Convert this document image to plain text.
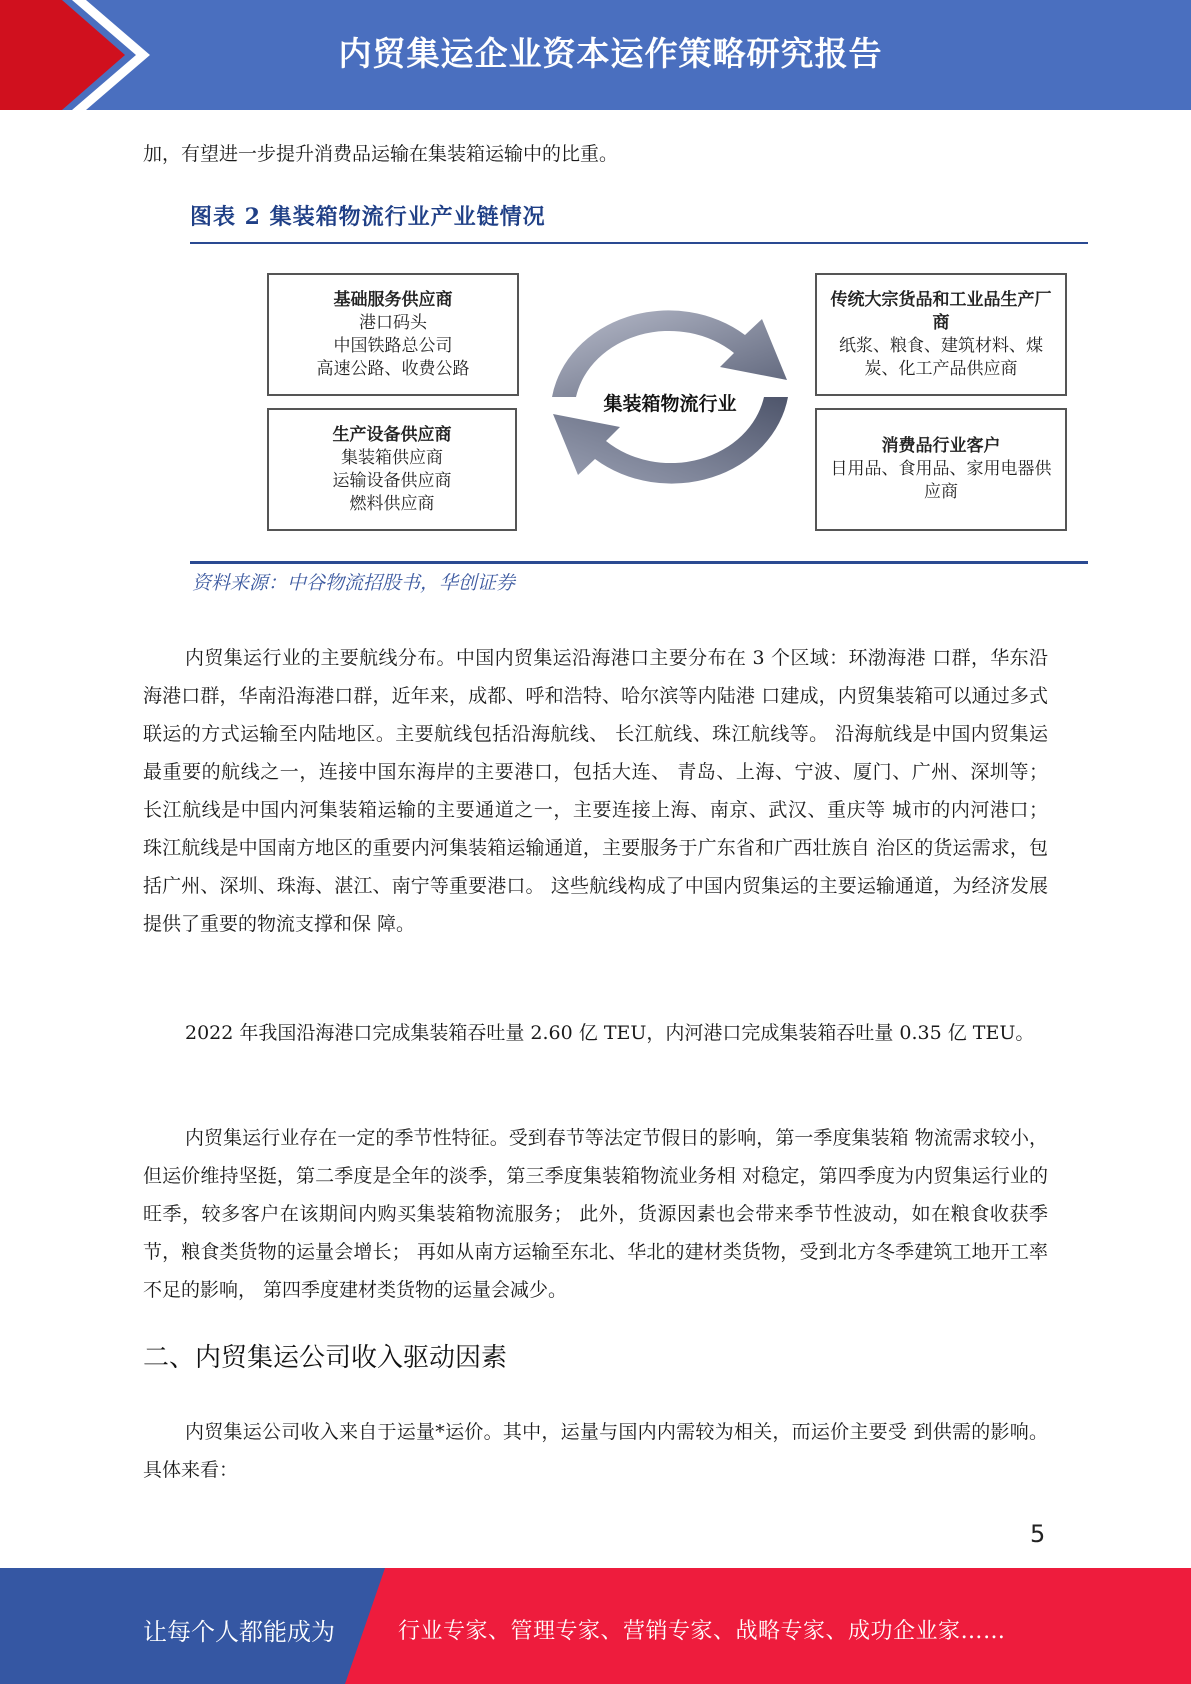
内贸集运企业资本运作策略研究报告
加，有望进一步提升消费品运输在集装箱运输中的比重。
图表 2 集装箱物流行业产业链情况
基础服务供应商
港口码头
中国铁路总公司
高速公路、收费公路
生产设备供应商
集装箱供应商
运输设备供应商
燃料供应商
传统大宗货品和工业品生产厂商
纸浆、粮食、建筑材料、煤炭、化工产品供应商
消费品行业客户
日用品、食用品、家用电器供应商
集装箱物流行业
资料来源：中谷物流招股书，华创证券
内贸集运行业的主要航线分布。中国内贸集运沿海港口主要分布在 3 个区域：环渤海港 口群，华东沿海港口群，华南沿海港口群，近年来，成都、呼和浩特、哈尔滨等内陆港 口建成，内贸集装箱可以通过多式联运的方式运输至内陆地区。主要航线包括沿海航线、 长江航线、珠江航线等。 沿海航线是中国内贸集运最重要的航线之一，连接中国东海岸的主要港口，包括大连、 青岛、上海、宁波、厦门、广州、深圳等； 长江航线是中国内河集装箱运输的主要通道之一，主要连接上海、南京、武汉、重庆等 城市的内河港口； 珠江航线是中国南方地区的重要内河集装箱运输通道，主要服务于广东省和广西壮族自 治区的货运需求，包括广州、深圳、珠海、湛江、南宁等重要港口。 这些航线构成了中国内贸集运的主要运输通道，为经济发展提供了重要的物流支撑和保 障。
2022 年我国沿海港口完成集装箱吞吐量 2.60 亿 TEU，内河港口完成集装箱吞吐量 0.35 亿 TEU。
内贸集运行业存在一定的季节性特征。受到春节等法定节假日的影响，第一季度集装箱 物流需求较小，但运价维持坚挺，第二季度是全年的淡季，第三季度集装箱物流业务相 对稳定，第四季度为内贸集运行业的旺季，较多客户在该期间内购买集装箱物流服务； 此外，货源因素也会带来季节性波动，如在粮食收获季节，粮食类货物的运量会增长； 再如从南方运输至东北、华北的建材类货物，受到北方冬季建筑工地开工率不足的影响， 第四季度建材类货物的运量会减少。
二、内贸集运公司收入驱动因素
内贸集运公司收入来自于运量*运价。其中，运量与国内内需较为相关，而运价主要受 到供需的影响。具体来看：
5
让每个人都能成为	行业专家、管理专家、营销专家、战略专家、成功企业家……
